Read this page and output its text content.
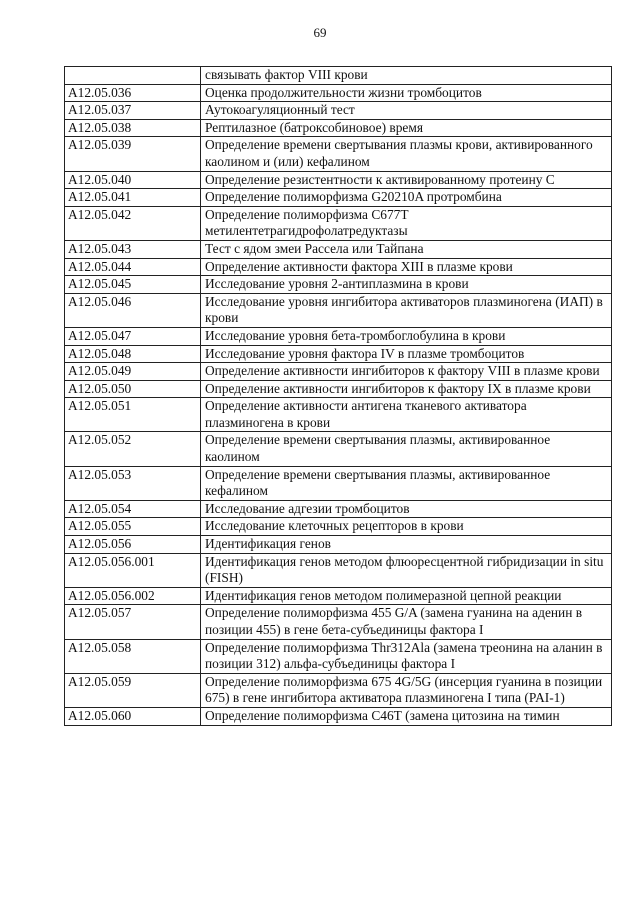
69
	связывать фактор VIII крови
A12.05.036	Оценка продолжительности жизни тромбоцитов
A12.05.037	Аутокоагуляционный тест
A12.05.038	Рептилазное (батроксобиновое) время
A12.05.039	Определение времени свертывания плазмы крови, активированного каолином и (или) кефалином
A12.05.040	Определение резистентности к активированному протеину С
A12.05.041	Определение полиморфизма G20210A протромбина
A12.05.042	Определение полиморфизма С677Т метилентетрагидрофолатредуктазы
A12.05.043	Тест с ядом змеи Рассела или Тайпана
A12.05.044	Определение активности фактора XIII в плазме крови
A12.05.045	Исследование уровня 2-антиплазмина в крови
A12.05.046	Исследование уровня ингибитора активаторов плазминогена (ИАП) в крови
A12.05.047	Исследование уровня бета-тромбоглобулина в крови
A12.05.048	Исследование уровня фактора IV в плазме тромбоцитов
A12.05.049	Определение активности ингибиторов к фактору VIII в плазме крови
A12.05.050	Определение активности ингибиторов к фактору IX в плазме крови
A12.05.051	Определение активности антигена тканевого активатора плазминогена в крови
A12.05.052	Определение времени свертывания плазмы, активированное каолином
A12.05.053	Определение времени свертывания плазмы, активированное кефалином
A12.05.054	Исследование адгезии тромбоцитов
A12.05.055	Исследование клеточных рецепторов в крови
A12.05.056	Идентификация генов
A12.05.056.001	Идентификация генов методом флюоресцентной гибридизации in situ (FISH)
A12.05.056.002	Идентификация генов методом полимеразной цепной реакции
A12.05.057	Определение полиморфизма 455 G/A (замена гуанина на аденин в позиции 455) в гене бета-субъединицы фактора I
A12.05.058	Определение полиморфизма Thr312Ala (замена треонина на аланин в позиции 312) альфа-субъединицы фактора I
A12.05.059	Определение полиморфизма 675 4G/5G (инсерция гуанина в позиции 675) в гене ингибитора активатора плазминогена I типа (PAI-1)
A12.05.060	Определение полиморфизма С46Т (замена цитозина на тимин
